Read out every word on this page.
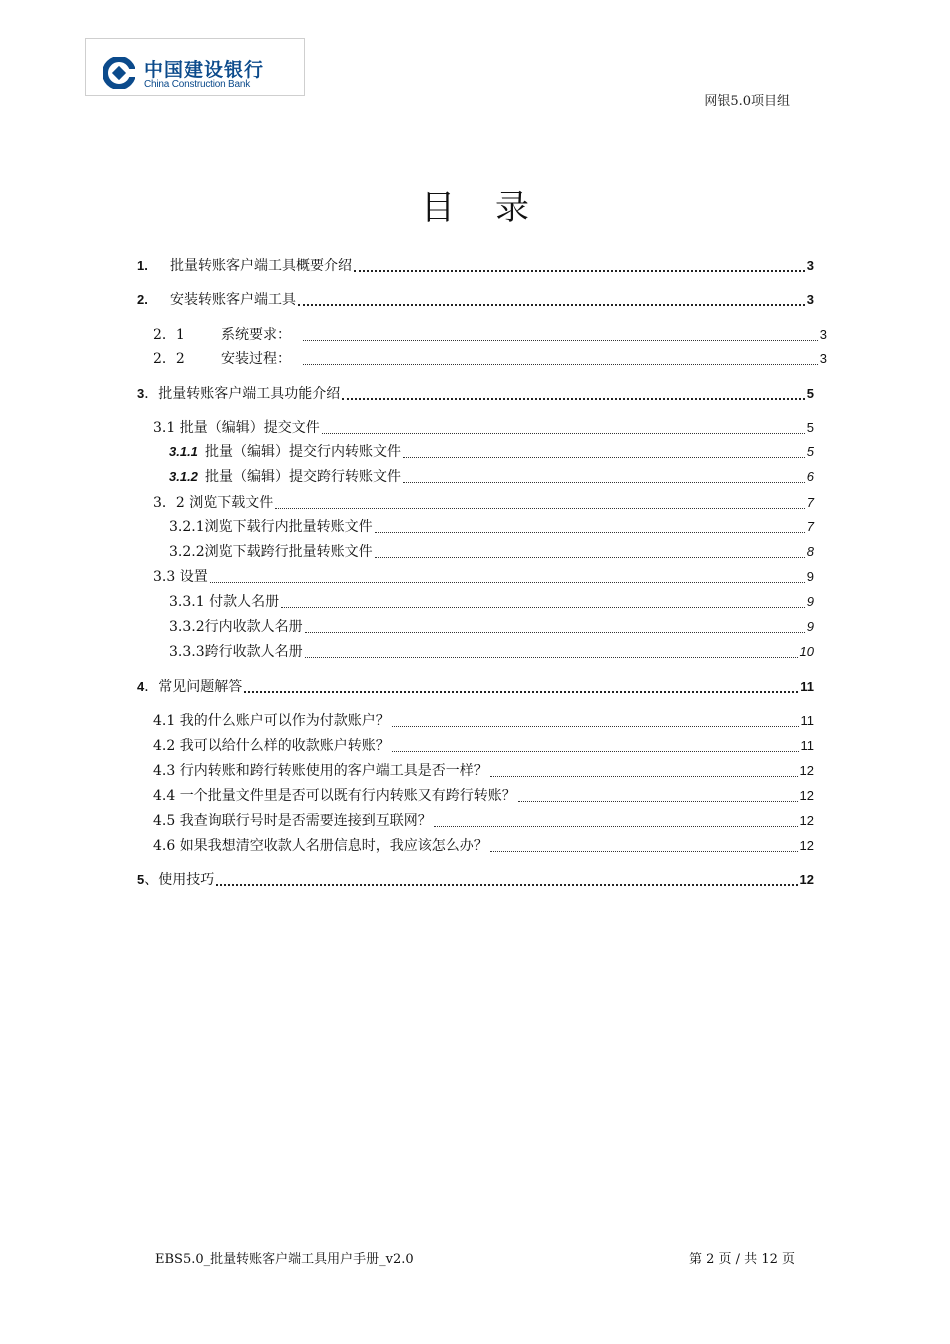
中国建设银行
China Construction Bank
网银5.0项目组
目录
1.	批量转账客户端工具概要介绍	3
2.	安装转账客户端工具	3
2．1	系统要求：	3
2．2	安装过程：	3
3 ．批量转账客户端工具功能介绍	5
3.1 批量（编辑）提交文件	5
3.1.1 批量（编辑）提交行内转账文件	5
3.1.2 批量（编辑）提交跨行转账文件	6
3．2 浏览下载文件	7
3.2.1浏览下载行内批量转账文件	7
3.2.2浏览下载跨行批量转账文件	8
3.3 设置	9
3.3.1 付款人名册	9
3.3.2行内收款人名册	9
3.3.3跨行收款人名册	10
4 ．常见问题解答	11
4.1 我的什么账户可以作为付款账户？	11
4.2 我可以给什么样的收款账户转账？	11
4.3 行内转账和跨行转账使用的客户端工具是否一样？	12
4.4 一个批量文件里是否可以既有行内转账又有跨行转账？	12
4.5 我查询联行号时是否需要连接到互联网？	12
4.6 如果我想清空收款人名册信息时，我应该怎么办？	12
5 、使用技巧	12
EBS5.0_批量转账客户端工具用户手册_v2.0	第 2 页 / 共 12 页
